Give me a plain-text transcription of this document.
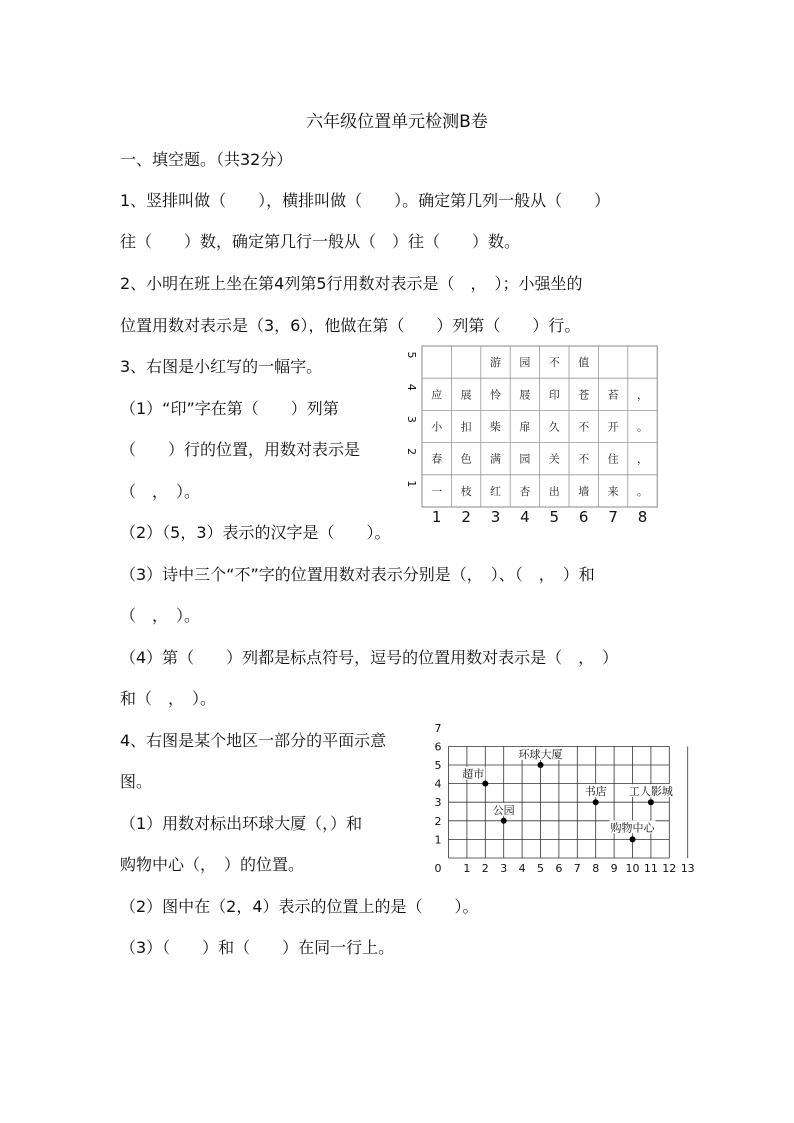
六年级位置单元检测B卷
一、填空题。（共32分）
1、竖排叫做（　　），横排叫做（　　）。确定第几列一般从（　　）
往（　　）数，确定第几行一般从（　）往（　　）数。
2、小明在班上坐在第4列第5行用数对表示是（　，　）；小强坐的
位置用数对表示是（3，6），他做在第（　　）列第（　　）行。
3、右图是小红写的一幅字。
（1）“印”字在第（　　）列第
（　　）行的位置，用数对表示是
（　，　）。
（2）（5，3）表示的汉字是（　　）。
（3）诗中三个“不”字的位置用数对表示分别是（，　）、（　，　）和
（　，　）。
（4）第（　　）列都是标点符号，逗号的位置用数对表示是（　，　）
和（　，　）。
4、右图是某个地区一部分的平面示意
图。
（1）用数对标出环球大厦（，）和
购物中心（，　）的位置。
（2）图中在（2，4）表示的位置上的是（　　）。
（3）（　　）和（　　）在同一行上。
游 园 不 值
应 展 怜 屐 印 苍 苔 ，
小 扣 柴 扉 久 不 开 。
春 色 满 园 关 不 住 ，
一 枝 红 杏 出 墙 来 。
5
4
3
2
1
1 2 3 4 5 6 7 8
0 1 2 3 4 5 6 7 8 9 10 11 12 13
1
2
3
4
5
6
7
超市
公园
环球大厦
书店 工人影城
购物中心
